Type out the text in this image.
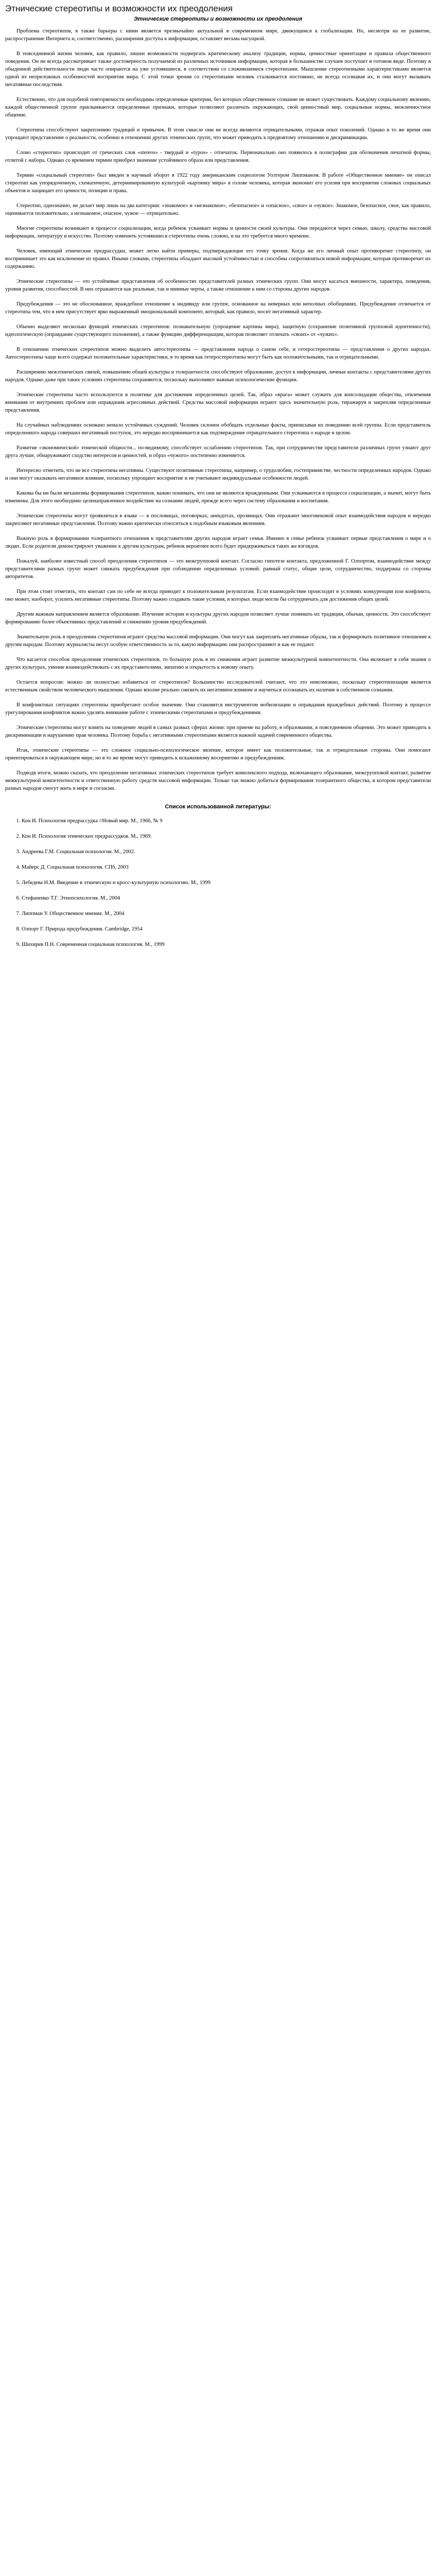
Этнические стереотипы и возможности их преодоления
Этнические стереотипы и возможности их преодоления

Проблема стереотипов, в также барьеры с ними является чрезвычайно актуальной в современном мире, движущимся к глобализации. Но, несмотря на ее развитие, распространение Интернета и, соответственно, расширения доступа к информации, оставляет весьма насущной.

В повседневной жизни человек, как правило, лишен возможности подвергать критическому анализу традиции, нормы, ценностные ориентации и правила общественного поведения. Он не всегда рассматривает также достоверность получаемой из различных источников информации, которая в большинстве случаев поступает в готовом виде. Поэтому в обыденной действительности люди часто опираются на уже устоявшиеся, в соответствии со сложившимися стереотипами. Мышление стереотипными характеристиками является одной из непреложных особенностей восприятия мира. С этой точки зрения со стереотипами человек сталкивается постоянно, не всегда осознавая их, и они могут вызывать негативные последствия.

Естественно, что для подобной повторяемости необходимы определенные критерии, без которых общественное сознание не может существовать. Каждому социальному явлению, каждой общественной группе присваиваются определенные признаки, которые позволяют различать окружающих, свой ценностный мир, социальные нормы, межличностное общение.

Стереотипы способствуют закреплению традиций и привычек. В этом смысле они не всегда являются отрицательными, отражая опыт поколений. Однако в то же время они упрощают представление о реальности, особенно в отношении других этнических групп, что может приводить к предвзятому отношению и дискриминации.

Слово «стереотип» происходит от греческих слов «stereos» - твердый и «typos» - отпечаток. Первоначально оно появилось в полиграфии для обозначения печатной формы, отлитой с набора. Однако со временем термин приобрел значение устойчивого образа или представления.

Термин «социальный стереотип» был введен в научный оборот в 1922 году американским социологом Уолтером Липпманом. В работе «Общественное мнение» он описал стереотип как упорядоченную, схематичную, детерминированную культурой «картинку мира» в голове человека, которая экономит его усилия при восприятии сложных социальных объектов и защищает его ценности, позиции и права.

Стереотип, однозначно, не делает мир лишь на два категории: «знакомое» и «незнакомое», «безопасное» и «опасное», «свое» и «чужое». Знакомое, безопасное, свое, как правило, оценивается положительно, а незнакомое, опасное, чужое — отрицательно.

Многие стереотипы возникают в процессе социализации, когда ребенок усваивает нормы и ценности своей культуры. Они передаются через семью, школу, средства массовой информации, литературу и искусство. Поэтому изменить устоявшиеся стереотипы очень сложно, и на это требуется много времени.

Человек, имеющий этнические предрассудки, может легко найти примеры, подтверждающие его точку зрения. Когда же его личный опыт противоречит стереотипу, он воспринимает это как исключение из правил. Иными словами, стереотипы обладают высокой устойчивостью и способны сопротивляться новой информации, которая противоречит их содержанию.

Этнические стереотипы — это устойчивые представления об особенностях представителей разных этнических групп. Они могут касаться внешности, характера, поведения, уровня развития, способностей. В них отражаются как реальные, так и мнимые черты, а также отношение к ним со стороны других народов.

Предубеждения — это не обоснованное, враждебное отношение к индивиду или группе, основанное на неверных или неполных обобщениях. Предубеждение отличается от стереотипа тем, что в нем присутствует ярко выраженный эмоциональный компонент, который, как правило, носит негативный характер.

Обычно выделяют несколько функций этнических стереотипов: познавательную (упрощение картины мира), защитную (сохранение позитивной групповой идентичности), идеологическую (оправдание существующего положения), а также функцию дифференциации, которая позволяет отличать «своих» от «чужих».

В отношении этнических стереотипов можно выделить автостереотипы — представления народа о самом себе, и гетеростереотипы — представления о других народах. Автостереотипы чаще всего содержат положительные характеристики, в то время как гетеростереотипы могут быть как положительными, так и отрицательными.

Расширению межэтнических связей, повышению общей культуры и толерантности способствуют образование, доступ к информации, личные контакты с представителями других народов. Однако даже при таких условиях стереотипы сохраняются, поскольку выполняют важные психологические функции.

Этнические стереотипы часто используются в политике для достижения определенных целей. Так, образ «врага» может служить для консолидации общества, отвлечения внимания от внутренних проблем или оправдания агрессивных действий. Средства массовой информации играют здесь значительную роль, тиражируя и закрепляя определенные представления.

На случайных наблюдениях основано немало устойчивых суждений. Человек склонен обобщать отдельные факты, приписывая их поведению всей группы. Если представитель определенного народа совершил негативный поступок, это нередко воспринимается как подтверждение отрицательного стереотипа о народе в целом.

Развитие «экономической» этнической общности... по-видимому, способствует ослаблению стереотипов. Так, при сотрудничестве представители различных групп узнают друг друга лучше, обнаруживают сходство интересов и ценностей, и образ «чужого» постепенно изменяется.

Интересно отметить, что не все стереотипы негативны. Существуют позитивные стереотипы, например, о трудолюбии, гостеприимстве, честности определенных народов. Однако и они могут оказывать негативное влияние, поскольку упрощают восприятие и не учитывают индивидуальные особенности людей.

Каковы бы ни были механизмы формирования стереотипов, важно понимать, что они не являются врожденными. Они усваиваются в процессе социализации, а значит, могут быть изменены. Для этого необходимо целенаправленное воздействие на сознание людей, прежде всего через систему образования и воспитания.

Этнические стереотипы могут проявляться в языке — в пословицах, поговорках, анекдотах, прозвищах. Они отражают многовековой опыт взаимодействия народов и нередко закрепляют негативные представления. Поэтому важно критически относиться к подобным языковым явлениям.

Важную роль в формировании толерантного отношения к представителям других народов играет семья. Именно в семье ребенок усваивает первые представления о мире и о людях. Если родители демонстрируют уважение к другим культурам, ребенок вероятнее всего будет придерживаться таких же взглядов.

Пожалуй, наиболее известный способ преодоления стереотипов — это межгрупповой контакт. Согласно гипотезе контакта, предложенной Г. Олпортом, взаимодействие между представителями разных групп может снижать предубеждения при соблюдении определенных условий: равный статус, общие цели, сотрудничество, поддержка со стороны авторитетов.

При этом стоит отметить, что контакт сам по себе не всегда приводит к положительным результатам. Если взаимодействие происходит в условиях конкуренции или конфликта, оно может, наоборот, усилить негативные стереотипы. Поэтому важно создавать такие условия, в которых люди могли бы сотрудничать для достижения общих целей.

Другим важным направлением является образование. Изучение истории и культуры других народов позволяет лучше понимать их традиции, обычаи, ценности. Это способствует формированию более объективных представлений и снижению уровня предубеждений.

Значительную роль в преодолении стереотипов играют средства массовой информации. Они могут как закреплять негативные образы, так и формировать позитивное отношение к другим народам. Поэтому журналисты несут особую ответственность за то, какую информацию они распространяют и как ее подают.

Что касается способов преодоления этнических стереотипов, то большую роль в их снижении играет развитие межкультурной компетентности. Она включает в себя знания о других культурах, умение взаимодействовать с их представителями, эмпатию и открытость к новому опыту.

Остается вопросом: можно ли полностью избавиться от стереотипов? Большинство исследователей считают, что это невозможно, поскольку стереотипизация является естественным свойством человеческого мышления. Однако вполне реально снизить их негативное влияние и научиться осознавать их наличие в собственном сознании.

В конфликтных ситуациях стереотипы приобретают особое значение. Они становятся инструментом мобилизации и оправдания враждебных действий. Поэтому в процессе урегулирования конфликтов важно уделять внимание работе с этническими стереотипами и предубеждениями.

Этнические стереотипы могут влиять на поведение людей в самых разных сферах жизни: при приеме на работу, в образовании, в повседневном общении. Это может приводить к дискриминации и нарушению прав человека. Поэтому борьба с негативными стереотипами является важной задачей современного общества.

Итак, этнические стереотипы — это сложное социально-психологическое явление, которое имеет как положительные, так и отрицательные стороны. Они помогают ориентироваться в окружающем мире, но в то же время могут приводить к искаженному восприятию и предубеждениям.

Подводя итоги, можно сказать, что преодоление негативных этнических стереотипов требует комплексного подхода, включающего образование, межгрупповой контакт, развитие межкультурной компетентности и ответственную работу средств массовой информации. Только так можно добиться формирования толерантного общества, в котором представители разных народов смогут жить в мире и согласии.

Список использованной литературы:
1. Кон И. Психология предрассудка //Новый мир. М., 1966, № 9
2. Кон И. Психология этнических предрассудков. М., 1969.
3. Андреева Г.М. Социальная психология. М., 2002.
4. Майерс Д. Социальная психология. СПб, 2003
5. Лебедева Н.М. Введение в этническую и кросс-культурную психологию. М., 1999
6. Стефаненко Т.Г. Этнопсихология. М., 2004
7. Липпман У. Общественное мнение. М., 2004
8. Олпорт Г. Природа предубеждения. Cambridge, 1954
9. Шихирев П.Н. Современная социальная психология. М., 1999
